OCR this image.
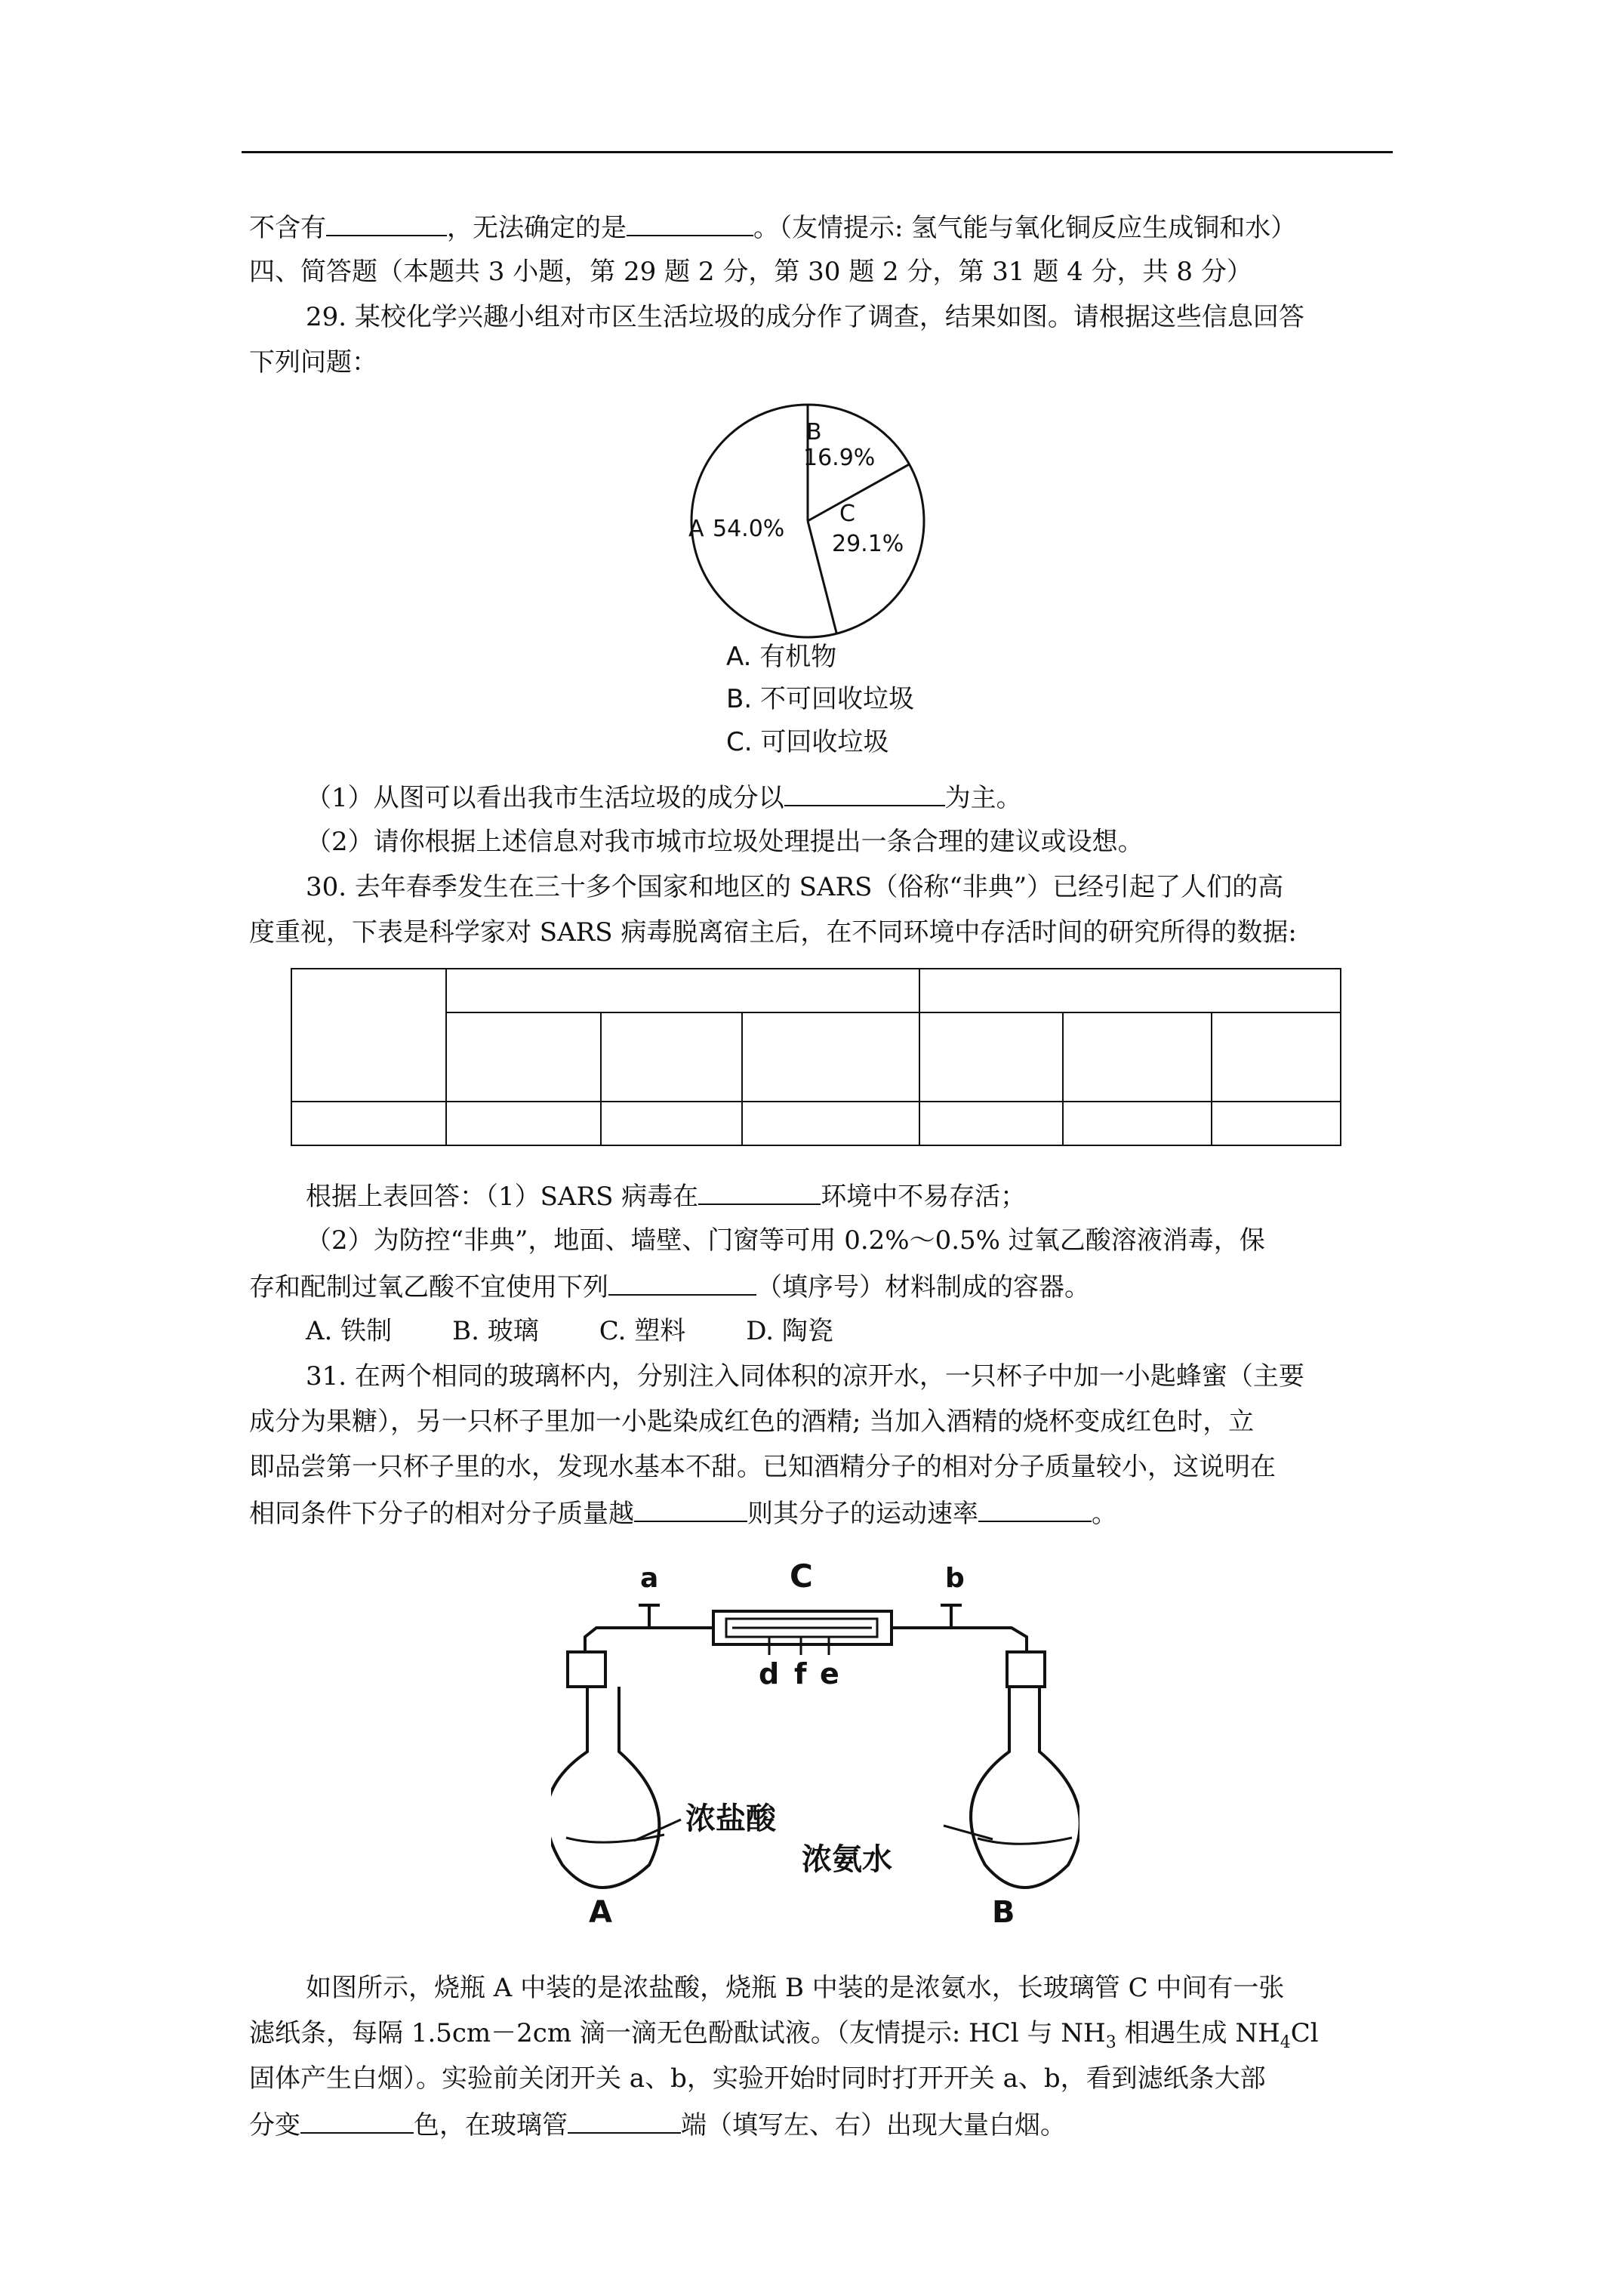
不含有	，无法确定的是	。（友情提示: 氢气能与氧化铜反应生成铜和水）
四、简答题（本题共 3 小题，第 29 题 2 分，第 30 题 2 分，第 31 题 4 分，共 8 分）
29. 某校化学兴趣小组对市区生活垃圾的成分作了调查，结果如图。请根据这些信息回答
下列问题：
B
16.9%
A 54.0%
C
29.1%
A. 有机物
B. 不可回收垃圾
C. 可回收垃圾
（1）从图可以看出我市生活垃圾的成分以	为主。
（2）请你根据上述信息对我市城市垃圾处理提出一条合理的建议或设想。
30. 去年春季发生在三十多个国家和地区的 SARS（俗称“非典”）已经引起了人们的高
度重视，下表是科学家对 SARS 病毒脱离宿主后，在不同环境中存活时间的研究所得的数据:

根据上表回答：（1）SARS 病毒在	环境中不易存活；
（2）为防控“非典”，地面、墙壁、门窗等可用 0.2%～0.5% 过氧乙酸溶液消毒，保
存和配制过氧乙酸不宜使用下列	（填序号）材料制成的容器。
A. 铁制 B. 玻璃 C. 塑料 D. 陶瓷
31. 在两个相同的玻璃杯内，分别注入同体积的凉开水，一只杯子中加一小匙蜂蜜（主要
成分为果糖），另一只杯子里加一小匙染成红色的酒精; 当加入酒精的烧杯变成红色时，立
即品尝第一只杯子里的水，发现水基本不甜。已知酒精分子的相对分子质量较小，这说明在
相同条件下分子的相对分子质量越	则其分子的运动速率	。
a	b
C
d f e
浓盐酸
浓氨水
A	B
如图所示，烧瓶 A 中装的是浓盐酸，烧瓶 B 中装的是浓氨水，长玻璃管 C 中间有一张
滤纸条，每隔 1.5cm－2cm 滴一滴无色酚酞试液。（友情提示: HCl 与 $NH_3$ 相遇生成 $NH_4Cl$
固体产生白烟）。实验前关闭开关 a、b，实验开始时同时打开开关 a、b，看到滤纸条大部
分变	色，在玻璃管	端（填写左、右）出现大量白烟。
